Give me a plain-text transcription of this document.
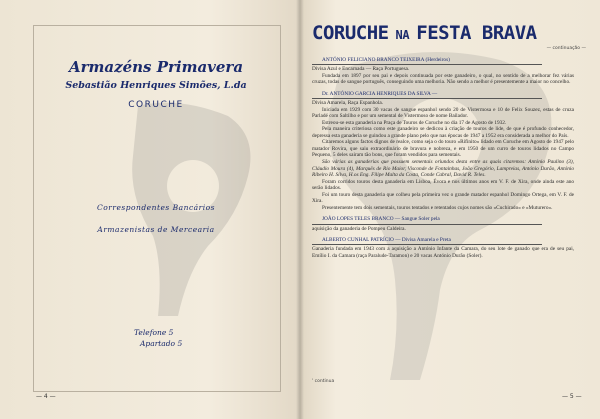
Armazéns Primavera
Sebastião Henriques Simões, L.da
CORUCHE
Correspondentes Bancários
Armazenistas de Mercearia
Telefone 5
Apartado 5
— 4 —
CORUCHE NA FESTA BRAVA
— continuação —

ANTÓNIO FELICIANO BRANCO TEIXEIRA (Herdeiros)

Divisa Azul e Encarnada — Raça Portuguesa.

Fundada em 1897 por seu pai e depois continuada por este ganadeiro, o qual, no sentido de a melhorar fez várias cruzas, todas de sangue português, conseguindo uma melhoria. Não sendo a melhor é presentemente a maior no concelho.

Dr. ANTÓNIO GARCIA HENRIQUES DA SILVA —

Divisa Amarela, Raça Espanhola.

Iniciada em 1929 com 30 vacas de sangue espanhol sendo 20 de Vistermosa e 10 de Felix Souzez, estas de cruza Parladé com Saltilho e por um semental de Vistermoso de nome Bailador.

Estreou-se esta ganaderia na Praça de Touros de Coruche no dia 17 de Agosto de 1932.

Pela maneira criteriosa como este ganadeiro se dedicou à criação de touros de lide, de que é profundo conhecedor, depressa esta ganaderia se guindou a grande plano pelo que nas épocas de 1947 a 1952 era considerada a melhor do País.

Citaremos alguns factos dignos de realce, como seja o do touro «Rifinito» lidado em Coruche em Agosto de 1947 pelo matador Rovira, que saiu extraordinário de bravura e nobreza, e em 1950 de um curro de touros lidados no Campo Pequeno, 5 deles sairam tão bons, que foram vendidos para sementais.

São várias as ganaderias que possuem sementais oriundos desta entre as quais citaremos: António Paulino (3), Cláudio Moura (4), Marquês de Rio Maior, Visconde de Fontainhas, João Gregório, Lampreias, António Durão, António Ribeiro H. Silva, H.os Eng. Filipe Malta da Costa, Conde Cabral, David R. Teles.

Foram corridos touros desta ganaderia em Lisboa, Évora e nos últimos anos em V. F. de Xira, onde ainda este ano serão lidados.

Foi um touro desta ganaderia que colheu pela primeira vez o grande matador espanhol Domingo Ortega, em V. F. de Xira.

Presentemente tem dois sementais, touros tentados e retentados cujos nomes são «Cuchirado» e «Muturero».

JOÃO LOPES TELES BRANCO — Sangue Soler pela

aquisição da ganaderia de Pompeu Caldeira.

ALBERTO CUNHAL PATRÍCIO — Divisa Amarela e Preta

Ganaderia fundada em 1943 com a aquisição a António Infante da Camara, do seu lote de ganado que era de seu pai, Emílio I. da Camara (raça Paralude-Taramon) e 20 vacas António Durão (Soler).

' continua
— 5 —
